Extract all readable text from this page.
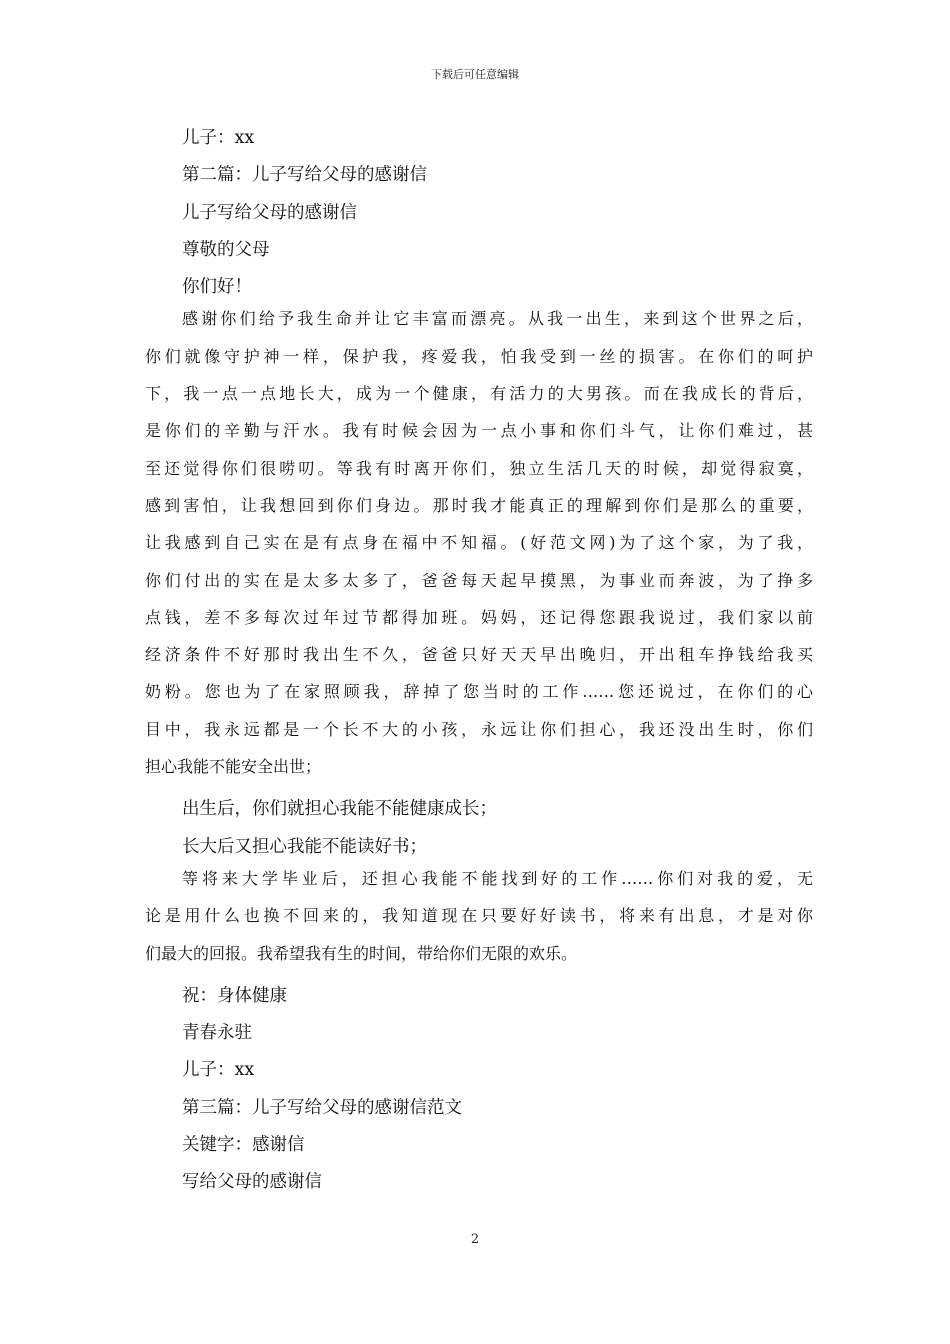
下载后可任意编辑
儿子：xx
第二篇：儿子写给父母的感谢信
儿子写给父母的感谢信
尊敬的父母
你们好！
感谢你们给予我生命并让它丰富而漂亮。从我一出生，来到这个世界之后，
你们就像守护神一样，保护我，疼爱我，怕我受到一丝的损害。在你们的呵护
下，我一点一点地长大，成为一个健康，有活力的大男孩。而在我成长的背后，
是你们的辛勤与汗水。我有时候会因为一点小事和你们斗气，让你们难过，甚
至还觉得你们很唠叨。等我有时离开你们，独立生活几天的时候，却觉得寂寞，
感到害怕，让我想回到你们身边。那时我才能真正的理解到你们是那么的重要，
让我感到自己实在是有点身在福中不知福。(好范文网)为了这个家，为了我，
你们付出的实在是太多太多了，爸爸每天起早摸黑，为事业而奔波，为了挣多
点钱，差不多每次过年过节都得加班。妈妈，还记得您跟我说过，我们家以前
经济条件不好那时我出生不久，爸爸只好天天早出晚归，开出租车挣钱给我买
奶粉。您也为了在家照顾我，辞掉了您当时的工作……您还说过，在你们的心
目中，我永远都是一个长不大的小孩，永远让你们担心，我还没出生时，你们
担心我能不能安全出世；
出生后，你们就担心我能不能健康成长；
长大后又担心我能不能读好书；
等将来大学毕业后，还担心我能不能找到好的工作……你们对我的爱，无
论是用什么也换不回来的，我知道现在只要好好读书，将来有出息，才是对你
们最大的回报。我希望我有生的时间，带给你们无限的欢乐。
祝：身体健康
青春永驻
儿子：xx
第三篇：儿子写给父母的感谢信范文
关键字：感谢信
写给父母的感谢信
2
